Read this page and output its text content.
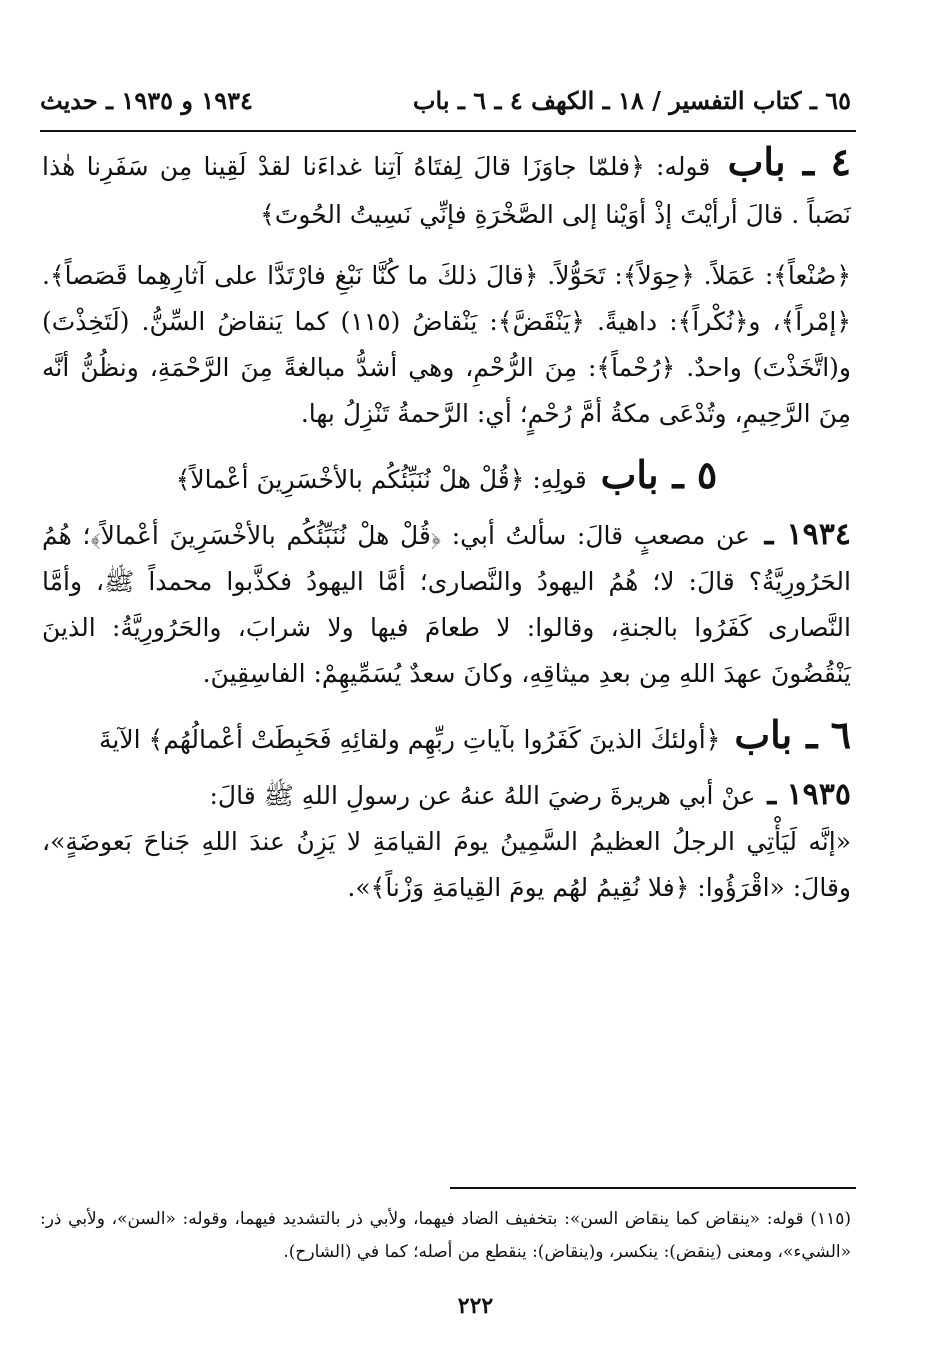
٦٥ ـ كتاب التفسير / ١٨ ـ الكهف ٤ ـ ٦ ـ باب
١٩٣٤ و ١٩٣٥ ـ حديث
٤ ـ باب قوله: ﴿فلمّا جاوَزَا قالَ لِفتَاهُ آتِنا غداءَنا لقدْ لَقِينا مِن سَفَرِنا هٰذا نَصَباً . قالَ أرأيْتَ إذْ أوَيْنا إلى الصَّخْرَةِ فإنِّي نَسِيتُ الحُوتَ﴾

﴿صُنْعاً﴾: عَمَلاً. ﴿حِوَلاً﴾: تَحَوُّلاً. ﴿قالَ ذلكَ ما كُنَّا نَبْغِ فارْتَدَّا على آثارِهِما قَصَصاً﴾. ﴿إمْراً﴾، و﴿نُكْراً﴾: داهيةً. ﴿يَنْقَضَّ﴾: يَنْقاضُ (١١٥) كما يَنقاضُ السِّنُّ. (لَتَخِذْتَ) و(اتَّخَذْتَ) واحدٌ. ﴿رُحْماً﴾: مِنَ الرُّحْمِ، وهي أشدُّ مبالغةً مِنَ الرَّحْمَةِ، ونظُنُّ أنَّه مِنَ الرَّحِيمِ، وتُدْعَى مكةُ أمَّ رُحْمٍ؛ أي: الرَّحمةُ تَنْزِلُ بها.

٥ ـ باب قولِهِ: ﴿قُلْ هلْ نُنَبِّئُكُم بالأخْسَرِينَ أعْمالاً﴾

١٩٣٤ ـ عن مصعبٍ قالَ: سألتُ أبي: ﴿قُلْ هلْ نُنَبِّئُكُم بالأخْسَرِينَ أعْمالاً﴾؛ هُمُ الحَرُورِيَّةُ؟ قالَ: لا؛ هُمُ اليهودُ والنَّصارى؛ أمَّا اليهودُ فكذَّبوا محمداً ﷺ، وأمَّا النَّصارى كَفَرُوا بالجنةِ، وقالوا: لا طعامَ فيها ولا شرابَ، والحَرُورِيَّةُ: الذينَ يَنْقُضُونَ عهدَ اللهِ مِن بعدِ ميثاقِهِ، وكانَ سعدٌ يُسَمِّيهِمْ: الفاسِقِينَ.

٦ ـ باب ﴿أولئكَ الذينَ كَفَرُوا بآياتِ ربِّهِم ولقائِهِ فَحَبِطَتْ أعْمالُهُم﴾ الآيةَ

١٩٣٥ ـ عنْ أبي هريرةَ رضيَ اللهُ عنهُ عن رسولِ اللهِ ﷺ قالَ:

«إنَّه لَيَأْتِي الرجلُ العظيمُ السَّمِينُ يومَ القيامَةِ لا يَزِنُ عندَ اللهِ جَناحَ بَعوضَةٍ»، وقالَ: «اقْرَؤُوا: ﴿فلا نُقِيمُ لهُم يومَ القِيامَةِ وَزْناً﴾».

(١١٥) قوله: «ينقاض كما ينقاض السن»: بتخفيف الضاد فيهما، ولأبي ذر بالتشديد فيهما، وقوله: «السن»، ولأبي ذر: «الشيء»، ومعنى (ينقض): ينكسر، و(ينقاض): ينقطع من أصله؛ كما في (الشارح).
٢٢٢
